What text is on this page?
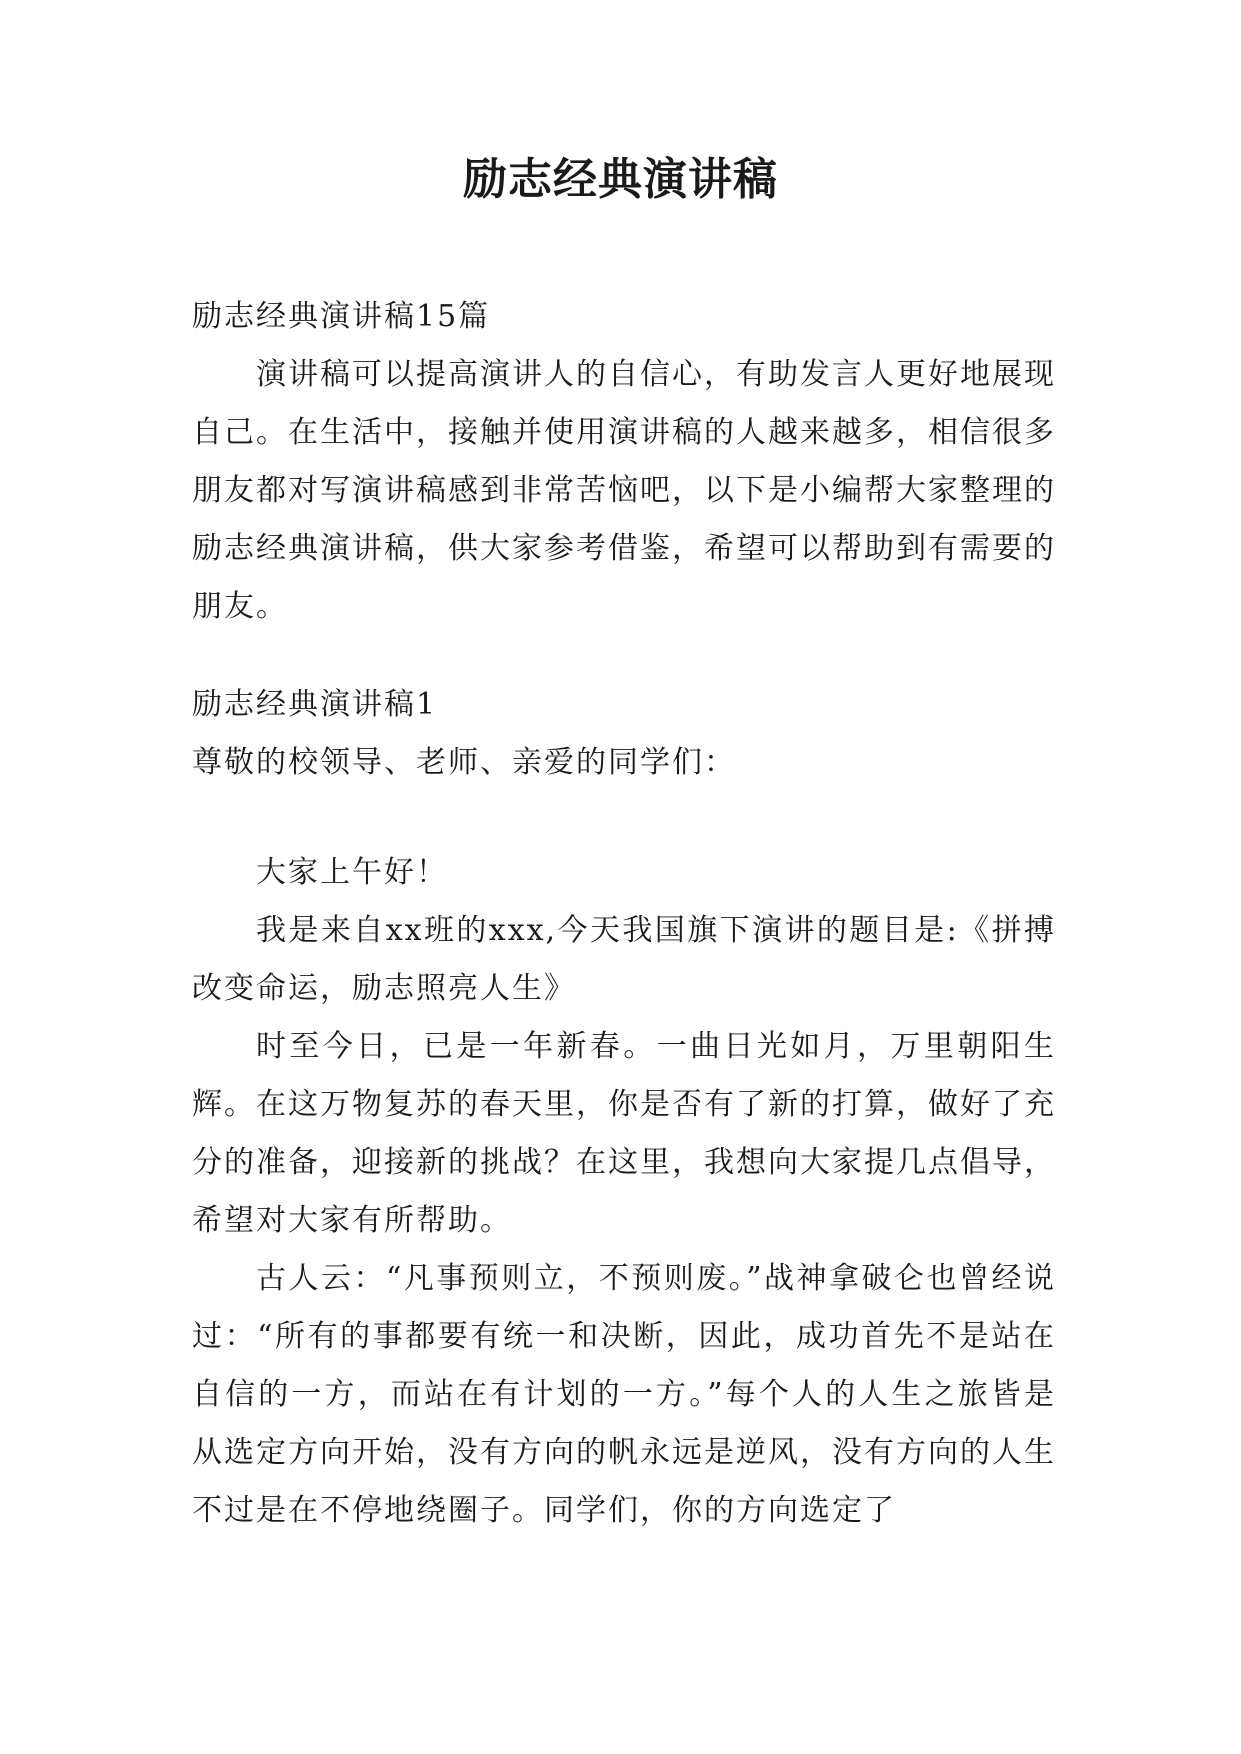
励志经典演讲稿

励志经典演讲稿15篇

演讲稿可以提高演讲人的自信心，有助发言人更好地展现自己。在生活中，接触并使用演讲稿的人越来越多，相信很多朋友都对写演讲稿感到非常苦恼吧，以下是小编帮大家整理的励志经典演讲稿，供大家参考借鉴，希望可以帮助到有需要的朋友。

励志经典演讲稿1

尊敬的校领导、老师、亲爱的同学们：

大家上午好！

我是来自xx班的xxx,今天我国旗下演讲的题目是:《拼搏改变命运，励志照亮人生》

时至今日，已是一年新春。一曲日光如月，万里朝阳生辉。在这万物复苏的春天里，你是否有了新的打算，做好了充分的准备，迎接新的挑战？在这里，我想向大家提几点倡导，希望对大家有所帮助。

古人云：“凡事预则立，不预则废。”战神拿破仑也曾经说过：“所有的事都要有统一和决断，因此，成功首先不是站在自信的一方，而站在有计划的一方。”每个人的人生之旅皆是从选定方向开始，没有方向的帆永远是逆风，没有方向的人生不过是在不停地绕圈子。同学们，你的方向选定了
